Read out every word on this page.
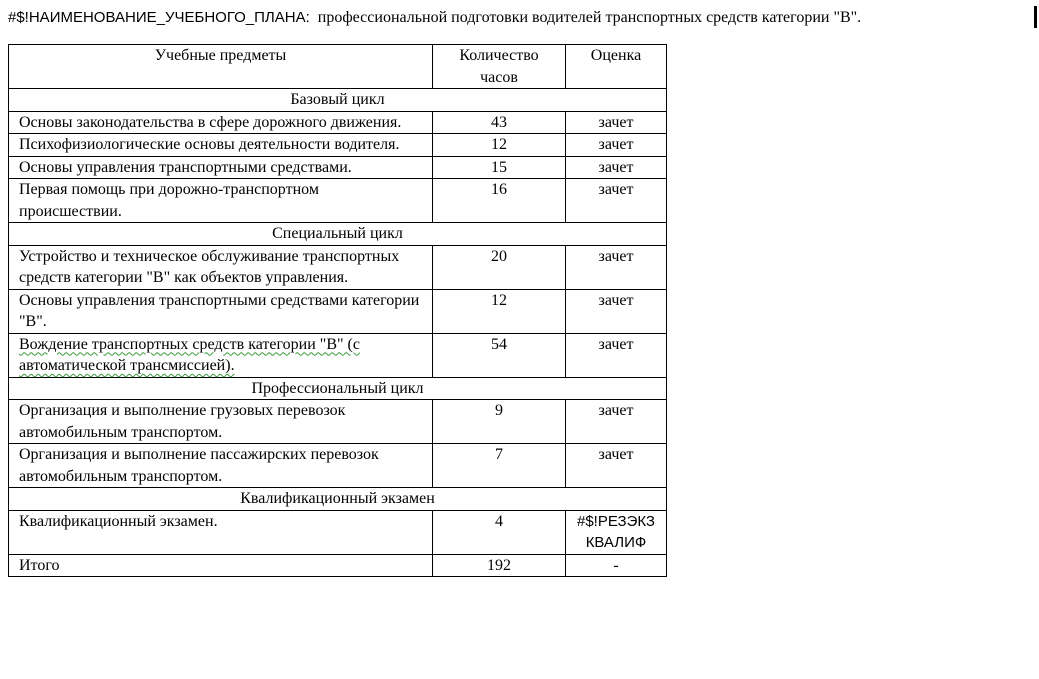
#$!НАИМЕНОВАНИЕ_УЧЕБНОГО_ПЛАНА: профессиональной подготовки водителей транспортных средств категории "В".
Учебные предметы	Количество часов	Оценка
Базовый цикл		
Основы законодательства в сфере дорожного движения.	43	зачет
Психофизиологические основы деятельности водителя.	12	зачет
Основы управления транспортными средствами.	15	зачет
Первая помощь при дорожно-транспортном происшествии.	16	зачет
Специальный цикл		
Устройство и техническое обслуживание транспортных средств категории "В" как объектов управления.	20	зачет
Основы управления транспортными средствами категории "В".	12	зачет
Вождение транспортных средств категории "В" (с автоматической трансмиссией).	54	зачет
Профессиональный цикл		
Организация и выполнение грузовых перевозок автомобильным транспортом.	9	зачет
Организация и выполнение пассажирских перевозок автомобильным транспортом.	7	зачет
Квалификационный экзамен		
Квалификационный экзамен.	4	#$!РЕЗЭКЗКВАЛИФ
Итого	192	-
